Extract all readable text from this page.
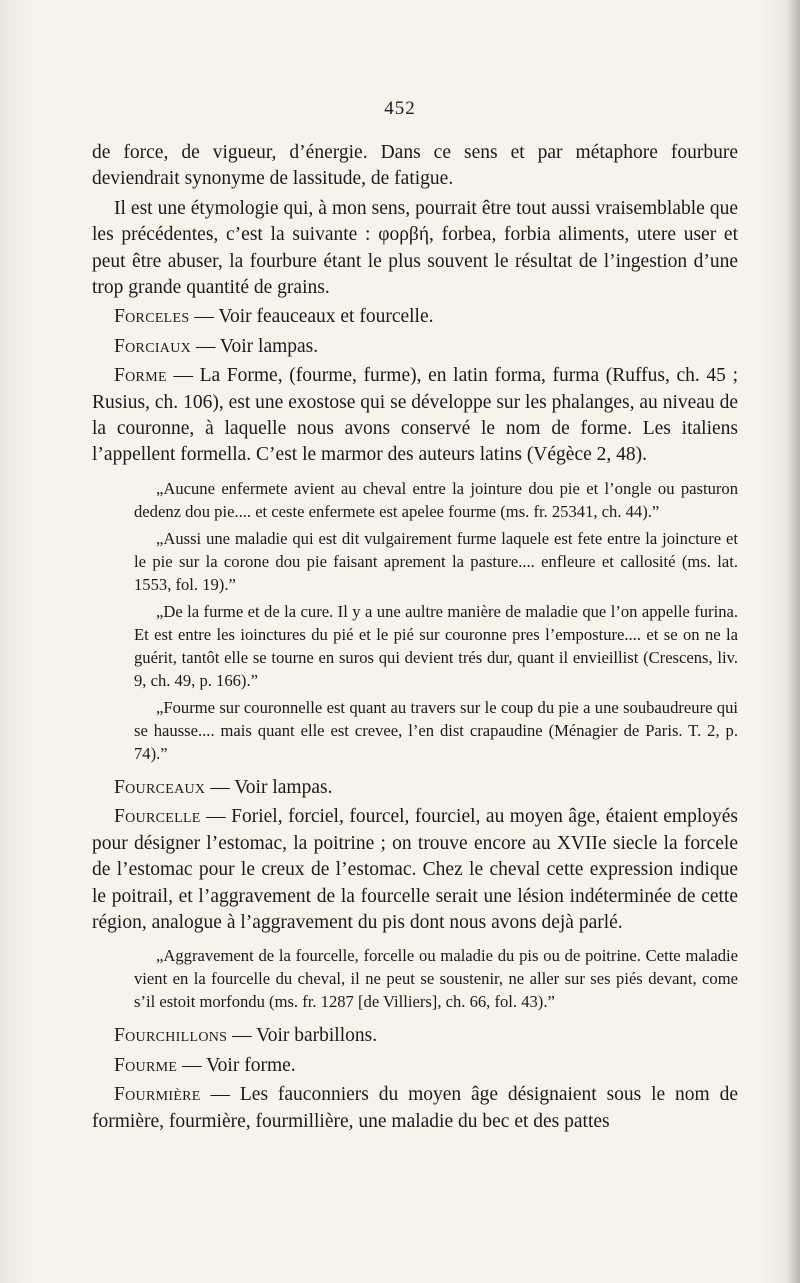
452

de force, de vigueur, d’énergie. Dans ce sens et par métaphore fourbure deviendrait synonyme de lassitude, de fatigue.

Il est une étymologie qui, à mon sens, pourrait être tout aussi vraisemblable que les précédentes, c’est la suivante : φορβή, forbea, forbia aliments, utere user et peut être abuser, la fourbure étant le plus souvent le résultat de l’ingestion d’une trop grande quantité de grains.

Forceles — Voir feauceaux et fourcelle.

Forciaux — Voir lampas.

Forme — La Forme, (fourme, furme), en latin forma, furma (Ruffus, ch. 45 ; Rusius, ch. 106), est une exostose qui se développe sur les phalanges, au niveau de la couronne, à laquelle nous avons conservé le nom de forme. Les italiens l’appellent formella. C’est le marmor des auteurs latins (Végèce 2, 48).

„Aucune enfermete avient au cheval entre la jointure dou pie et l’ongle ou pasturon dedenz dou pie.... et ceste enfermete est apelee fourme (ms. fr. 25341, ch. 44).”

„Aussi une maladie qui est dit vulgairement furme laquele est fete entre la joincture et le pie sur la corone dou pie faisant aprement la pasture.... enfleure et callosité (ms. lat. 1553, fol. 19).”

„De la furme et de la cure. Il y a une aultre manière de maladie que l’on appelle furina. Et est entre les ioinctures du pié et le pié sur couronne pres l’emposture.... et se on ne la guérit, tantôt elle se tourne en suros qui devient trés dur, quant il envieillist (Crescens, liv. 9, ch. 49, p. 166).”

„Fourme sur couronnelle est quant au travers sur le coup du pie a une soubaudreure qui se hausse.... mais quant elle est crevee, l’en dist crapaudine (Ménagier de Paris. T. 2, p. 74).”

Fourceaux — Voir lampas.

Fourcelle — Foriel, forciel, fourcel, fourciel, au moyen âge, étaient employés pour désigner l’estomac, la poitrine ; on trouve encore au XVIIe siecle la forcele de l’estomac pour le creux de l’estomac. Chez le cheval cette expression indique le poitrail, et l’aggravement de la fourcelle serait une lésion indéterminée de cette région, analogue à l’aggravement du pis dont nous avons dejà parlé.

„Aggravement de la fourcelle, forcelle ou maladie du pis ou de poitrine. Cette maladie vient en la fourcelle du cheval, il ne peut se soustenir, ne aller sur ses piés devant, come s’il estoit morfondu (ms. fr. 1287 [de Villiers], ch. 66, fol. 43).”

Fourchillons — Voir barbillons.

Fourme — Voir forme.

Fourmière — Les fauconniers du moyen âge désignaient sous le nom de formière, fourmière, fourmillière, une maladie du bec et des pattes
